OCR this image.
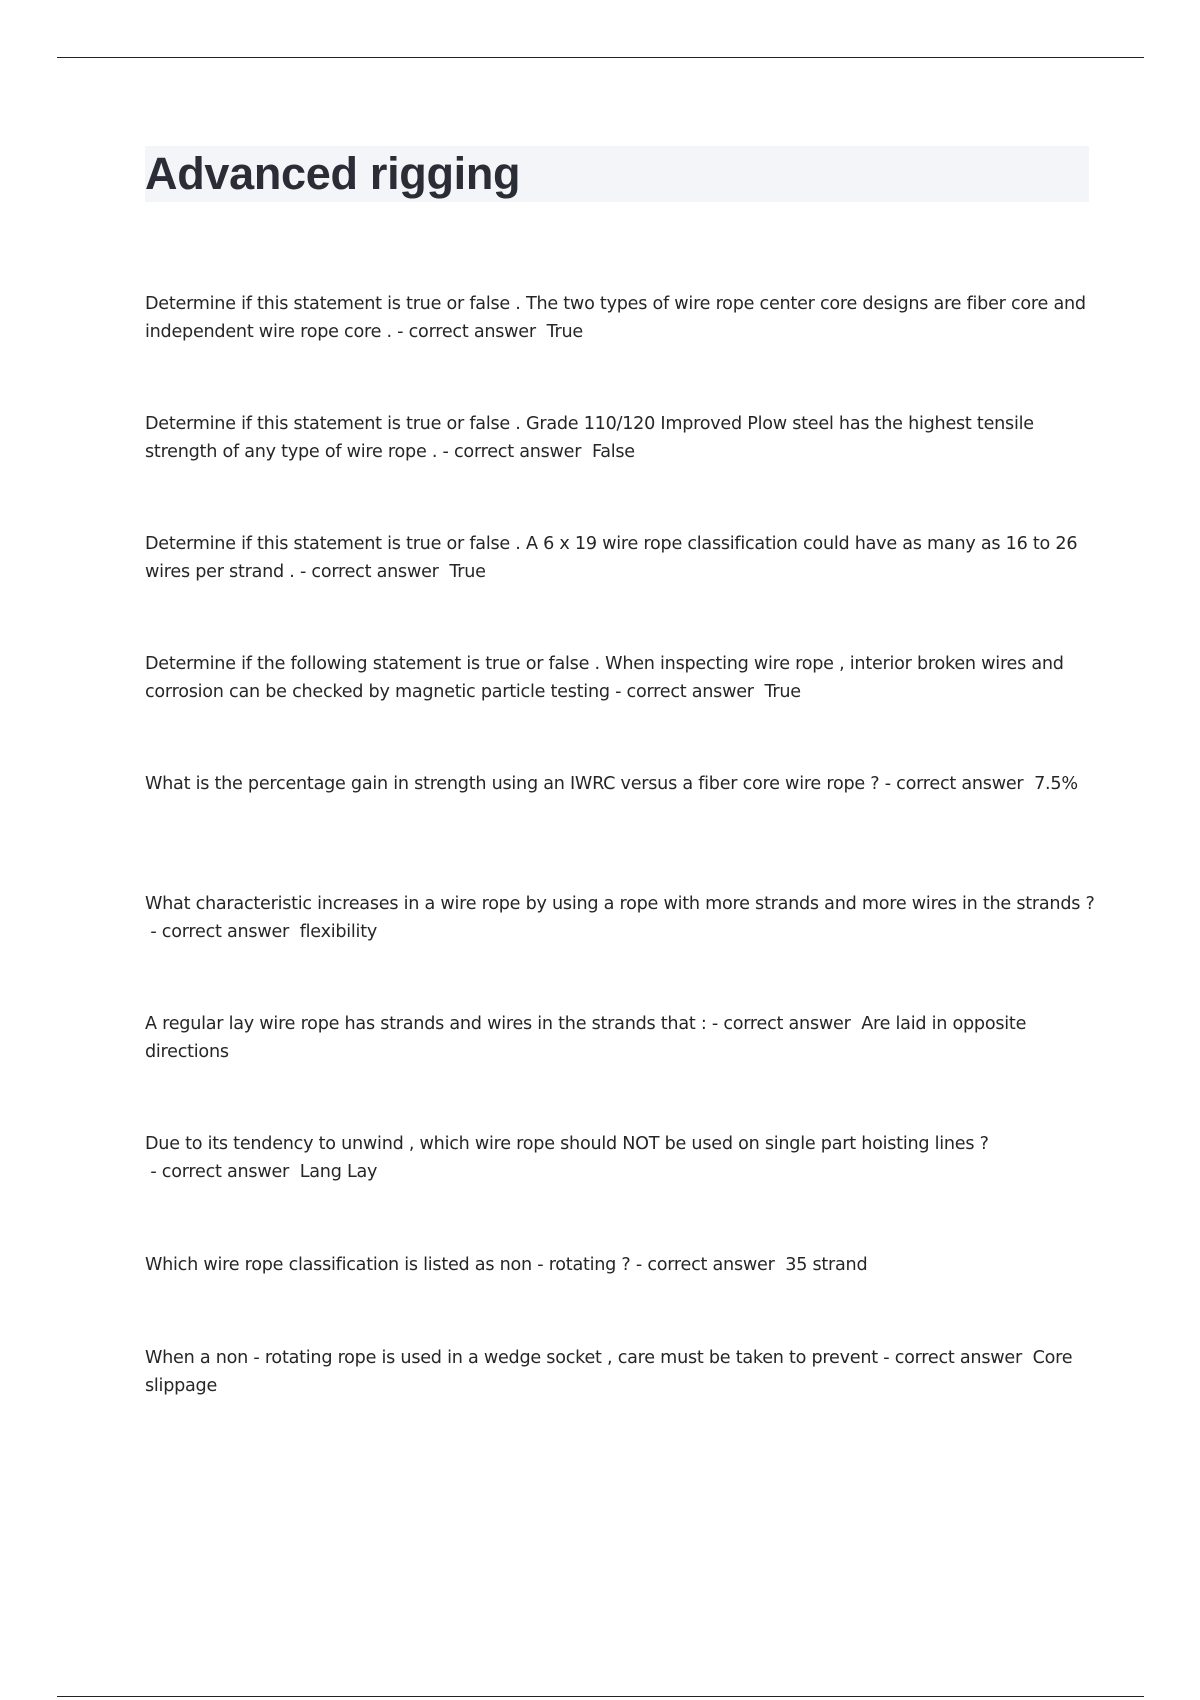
Advanced rigging
Determine if this statement is true or false . The two types of wire rope center core designs are fiber core and independent wire rope core . - correct answer  True
Determine if this statement is true or false . Grade 110/120 Improved Plow steel has the highest tensile strength of any type of wire rope . - correct answer  False
Determine if this statement is true or false . A 6 x 19 wire rope classification could have as many as 16 to 26 wires per strand . - correct answer  True
Determine if the following statement is true or false . When inspecting wire rope , interior broken wires and corrosion can be checked by magnetic particle testing - correct answer  True
What is the percentage gain in strength using an IWRC versus a fiber core wire rope ? - correct answer  7.5%
What characteristic increases in a wire rope by using a rope with more strands and more wires in the strands ? - correct answer  flexibility
A regular lay wire rope has strands and wires in the strands that : - correct answer  Are laid in opposite directions
Due to its tendency to unwind , which wire rope should NOT be used on single part hoisting lines ? - correct answer  Lang Lay
Which wire rope classification is listed as non - rotating ? - correct answer  35 strand
When a non - rotating rope is used in a wedge socket , care must be taken to prevent - correct answer  Core slippage
